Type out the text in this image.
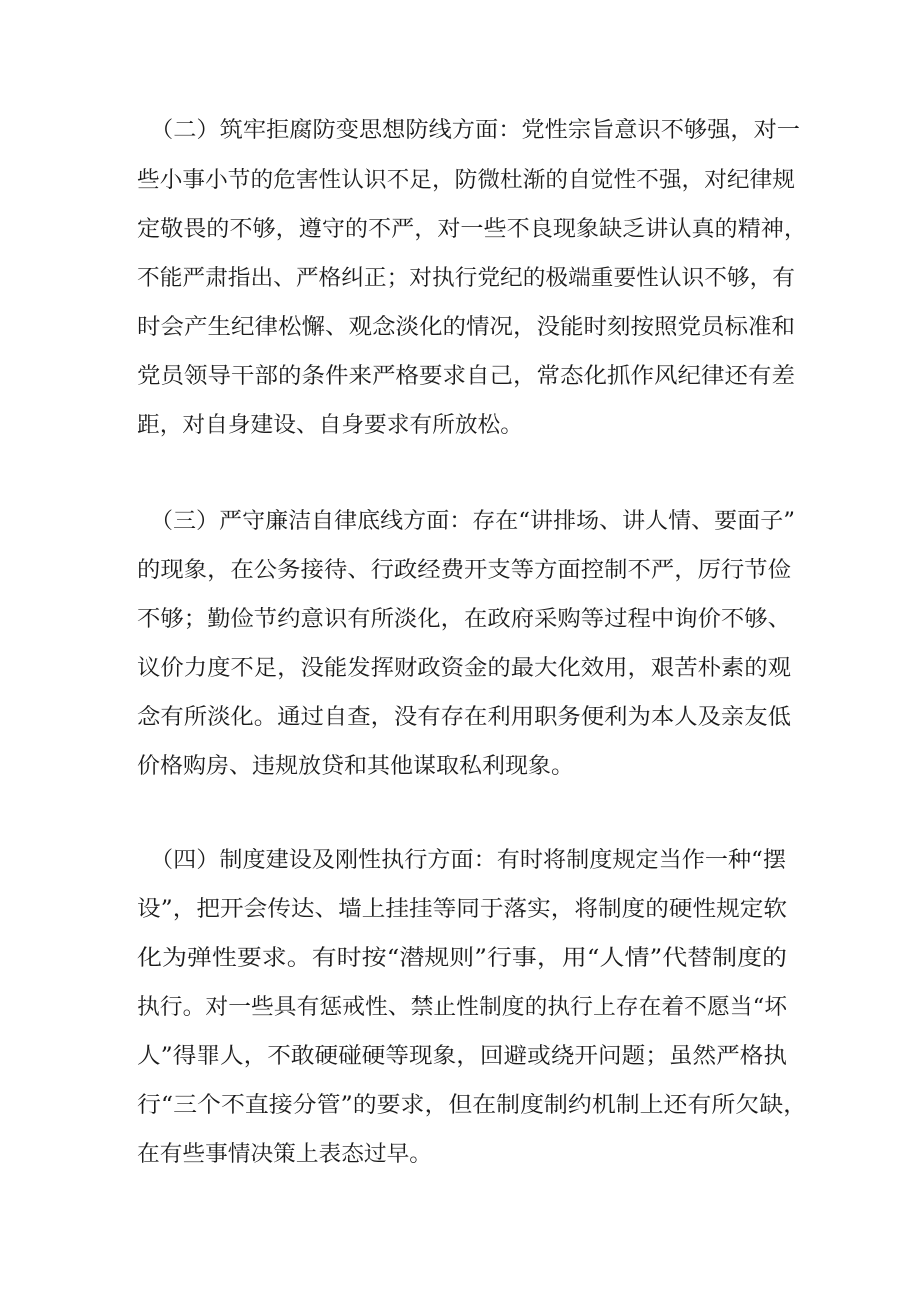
（二）筑牢拒腐防变思想防线方面：党性宗旨意识不够强，对一
些小事小节的危害性认识不足，防微杜渐的自觉性不强，对纪律规
定敬畏的不够，遵守的不严，对一些不良现象缺乏讲认真的精神，
不能严肃指出、严格纠正；对执行党纪的极端重要性认识不够，有
时会产生纪律松懈、观念淡化的情况，没能时刻按照党员标准和
党员领导干部的条件来严格要求自己，常态化抓作风纪律还有差
距，对自身建设、自身要求有所放松。
（三）严守廉洁自律底线方面：存在“讲排场、讲人情、要面子”
的现象，在公务接待、行政经费开支等方面控制不严，厉行节俭
不够；勤俭节约意识有所淡化，在政府采购等过程中询价不够、
议价力度不足，没能发挥财政资金的最大化效用，艰苦朴素的观
念有所淡化。通过自查，没有存在利用职务便利为本人及亲友低
价格购房、违规放贷和其他谋取私利现象。
（四）制度建设及刚性执行方面：有时将制度规定当作一种“摆
设”，把开会传达、墙上挂挂等同于落实，将制度的硬性规定软
化为弹性要求。有时按“潜规则”行事，用“人情”代替制度的
执行。对一些具有惩戒性、禁止性制度的执行上存在着不愿当“坏
人”得罪人，不敢硬碰硬等现象，回避或绕开问题；虽然严格执
行“三个不直接分管”的要求，但在制度制约机制上还有所欠缺，
在有些事情决策上表态过早。
